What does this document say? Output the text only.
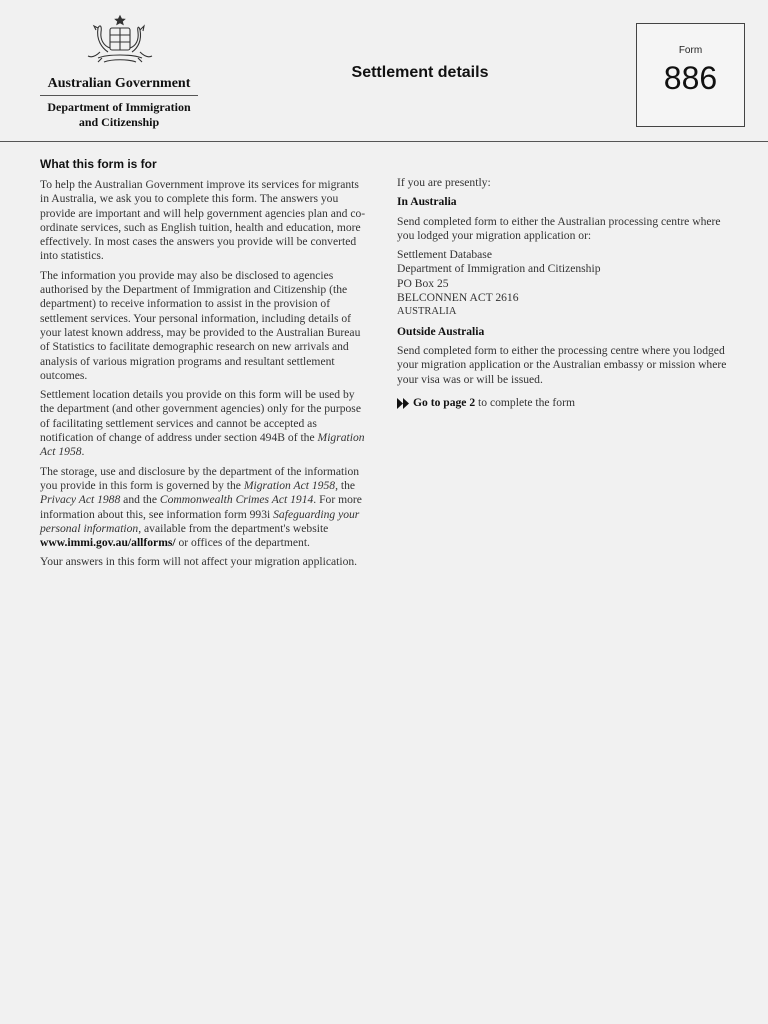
Australian Government
Department of Immigration
and Citizenship
Settlement details
Form
886
What this form is for

To help the Australian Government improve its services for migrants in Australia, we ask you to complete this form. The answers you provide are important and will help government agencies plan and co-ordinate services, such as English tuition, health and education, more effectively. In most cases the answers you provide will be converted into statistics.

The information you provide may also be disclosed to agencies authorised by the Department of Immigration and Citizenship (the department) to receive information to assist in the provision of settlement services. Your personal information, including details of your latest known address, may be provided to the Australian Bureau of Statistics to facilitate demographic research on new arrivals and analysis of various migration programs and resultant settlement outcomes.

Settlement location details you provide on this form will be used by the department (and other government agencies) only for the purpose of facilitating settlement services and cannot be accepted as notification of change of address under section 494B of the Migration Act 1958.

The storage, use and disclosure by the department of the information you provide in this form is governed by the Migration Act 1958, the Privacy Act 1988 and the Commonwealth Crimes Act 1914. For more information about this, see information form 993i Safeguarding your personal information, available from the department's website www.immi.gov.au/allforms/ or offices of the department.

Your answers in this form will not affect your migration application.

If you are presently:

In Australia

Send completed form to either the Australian processing centre where you lodged your migration application or:

Settlement Database
Department of Immigration and Citizenship
PO Box 25
BELCONNEN ACT 2616
AUSTRALIA

Outside Australia

Send completed form to either the processing centre where you lodged your migration application or the Australian embassy or mission where your visa was or will be issued.

Go to page 2 to complete the form
